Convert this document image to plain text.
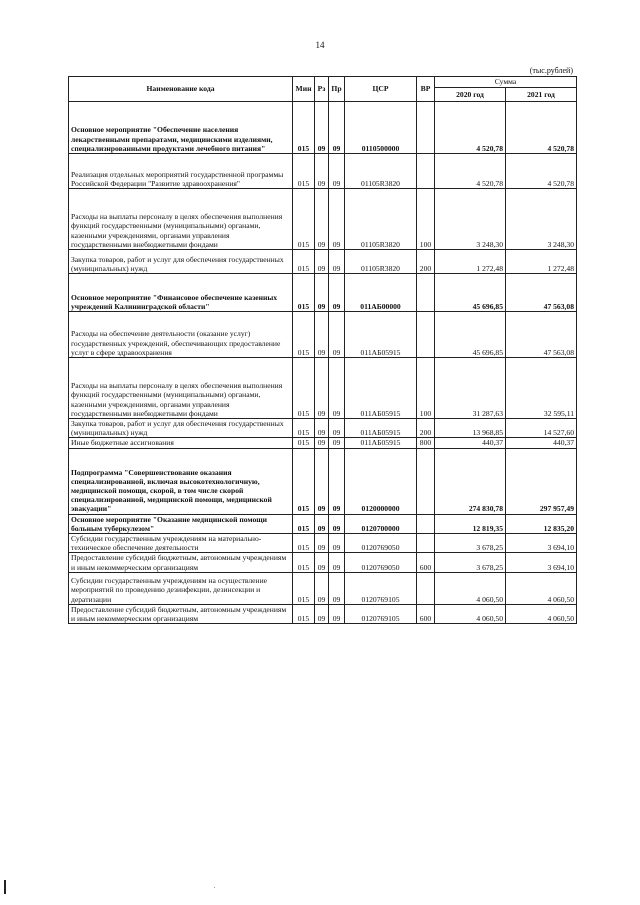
14
(тыс.рублей)
Наименование кода	Мин	Рз	Пр	ЦСР	ВР	Сумма	
						2020 год	2021 год
Основное мероприятие "Обеспечение населения лекарственными препаратами, медицинскими изделиями, специализированными продуктами лечебного питания"	015	09	09	0110500000		4 520,78	4 520,78
Реализация отдельных мероприятий государственной программы Российской Федерации "Развитие здравоохранения"	015	09	09	01105R3820		4 520,78	4 520,78
Расходы на выплаты персоналу в целях обеспечения выполнения функций государственными (муниципальными) органами, казенными учреждениями, органами управления государственными внебюджетными фондами	015	09	09	01105R3820	100	3 248,30	3 248,30
Закупка товаров, работ и услуг для обеспечения государственных (муниципальных) нужд	015	09	09	01105R3820	200	1 272,48	1 272,48
Основное мероприятие "Финансовое обеспечение казенных учреждений Калининградской области"	015	09	09	011АБ00000		45 696,85	47 563,08
Расходы на обеспечение деятельности (оказание услуг) государственных учреждений, обеспечивающих предоставление услуг в сфере здравоохранения	015	09	09	011АБ05915		45 696,85	47 563,08
Расходы на выплаты персоналу в целях обеспечения выполнения функций государственными (муниципальными) органами, казенными учреждениями, органами управления государственными внебюджетными фондами	015	09	09	011АБ05915	100	31 287,63	32 595,11
Закупка товаров, работ и услуг для обеспечения государственных (муниципальных) нужд	015	09	09	011АБ05915	200	13 968,85	14 527,60
Иные бюджетные ассигнования	015	09	09	011АБ05915	800	440,37	440,37
Подпрограмма "Совершенствование оказания специализированной, включая высокотехнологичную, медицинской помощи, скорой, в том числе скорой специализированной, медицинской помощи, медицинской эвакуации"	015	09	09	0120000000		274 830,78	297 957,49
Основное мероприятие "Оказание медицинской помощи больным туберкулезом"	015	09	09	0120700000		12 819,35	12 835,20
Субсидии государственным учреждениям на материально-техническое обеспечение деятельности	015	09	09	0120769050		3 678,25	3 694,10
Предоставление субсидий бюджетным, автономным учреждениям и иным некоммерческим организациям	015	09	09	0120769050	600	3 678,25	3 694,10
Субсидии государственным учреждениям на осуществление мероприятий по проведению дезинфекции, дезинсекции и дератизации	015	09	09	0120769105		4 060,50	4 060,50
Предоставление субсидий бюджетным, автономным учреждениям и иным некоммерческим организациям	015	09	09	0120769105	600	4 060,50	4 060,50
